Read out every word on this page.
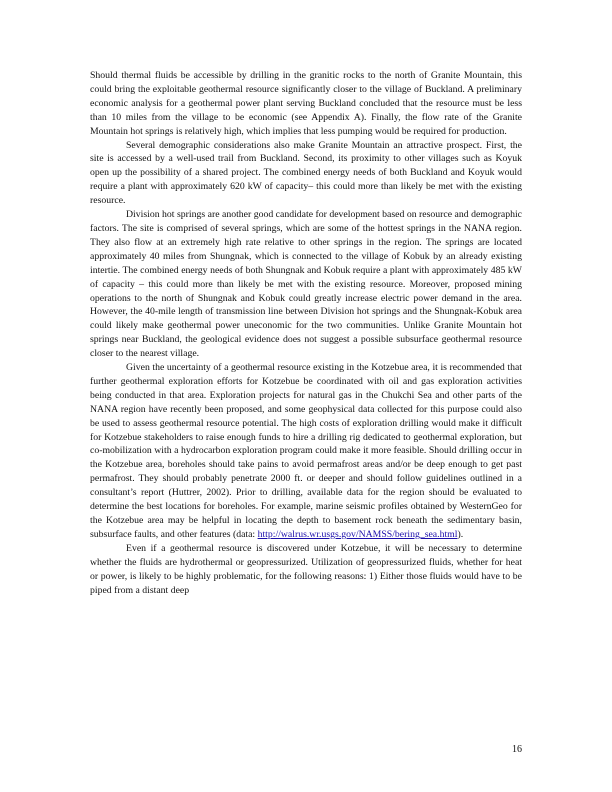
Should thermal fluids be accessible by drilling in the granitic rocks to the north of Granite Mountain, this could bring the exploitable geothermal resource significantly closer to the village of Buckland. A preliminary economic analysis for a geothermal power plant serving Buckland concluded that the resource must be less than 10 miles from the village to be economic (see Appendix A). Finally, the flow rate of the Granite Mountain hot springs is relatively high, which implies that less pumping would be required for production.

Several demographic considerations also make Granite Mountain an attractive prospect. First, the site is accessed by a well-used trail from Buckland. Second, its proximity to other villages such as Koyuk open up the possibility of a shared project. The combined energy needs of both Buckland and Koyuk would require a plant with approximately 620 kW of capacity– this could more than likely be met with the existing resource.

Division hot springs are another good candidate for development based on resource and demographic factors. The site is comprised of several springs, which are some of the hottest springs in the NANA region. They also flow at an extremely high rate relative to other springs in the region. The springs are located approximately 40 miles from Shungnak, which is connected to the village of Kobuk by an already existing intertie. The combined energy needs of both Shungnak and Kobuk require a plant with approximately 485 kW of capacity – this could more than likely be met with the existing resource. Moreover, proposed mining operations to the north of Shungnak and Kobuk could greatly increase electric power demand in the area. However, the 40-mile length of transmission line between Division hot springs and the Shungnak-Kobuk area could likely make geothermal power uneconomic for the two communities. Unlike Granite Mountain hot springs near Buckland, the geological evidence does not suggest a possible subsurface geothermal resource closer to the nearest village.

Given the uncertainty of a geothermal resource existing in the Kotzebue area, it is recommended that further geothermal exploration efforts for Kotzebue be coordinated with oil and gas exploration activities being conducted in that area. Exploration projects for natural gas in the Chukchi Sea and other parts of the NANA region have recently been proposed, and some geophysical data collected for this purpose could also be used to assess geothermal resource potential. The high costs of exploration drilling would make it difficult for Kotzebue stakeholders to raise enough funds to hire a drilling rig dedicated to geothermal exploration, but co-mobilization with a hydrocarbon exploration program could make it more feasible. Should drilling occur in the Kotzebue area, boreholes should take pains to avoid permafrost areas and/or be deep enough to get past permafrost. They should probably penetrate 2000 ft. or deeper and should follow guidelines outlined in a consultant’s report (Huttrer, 2002). Prior to drilling, available data for the region should be evaluated to determine the best locations for boreholes. For example, marine seismic profiles obtained by WesternGeo for the Kotzebue area may be helpful in locating the depth to basement rock beneath the sedimentary basin, subsurface faults, and other features (data: http://walrus.wr.usgs.gov/NAMSS/bering_sea.html).

Even if a geothermal resource is discovered under Kotzebue, it will be necessary to determine whether the fluids are hydrothermal or geopressurized. Utilization of geopressurized fluids, whether for heat or power, is likely to be highly problematic, for the following reasons: 1) Either those fluids would have to be piped from a distant deep

16
